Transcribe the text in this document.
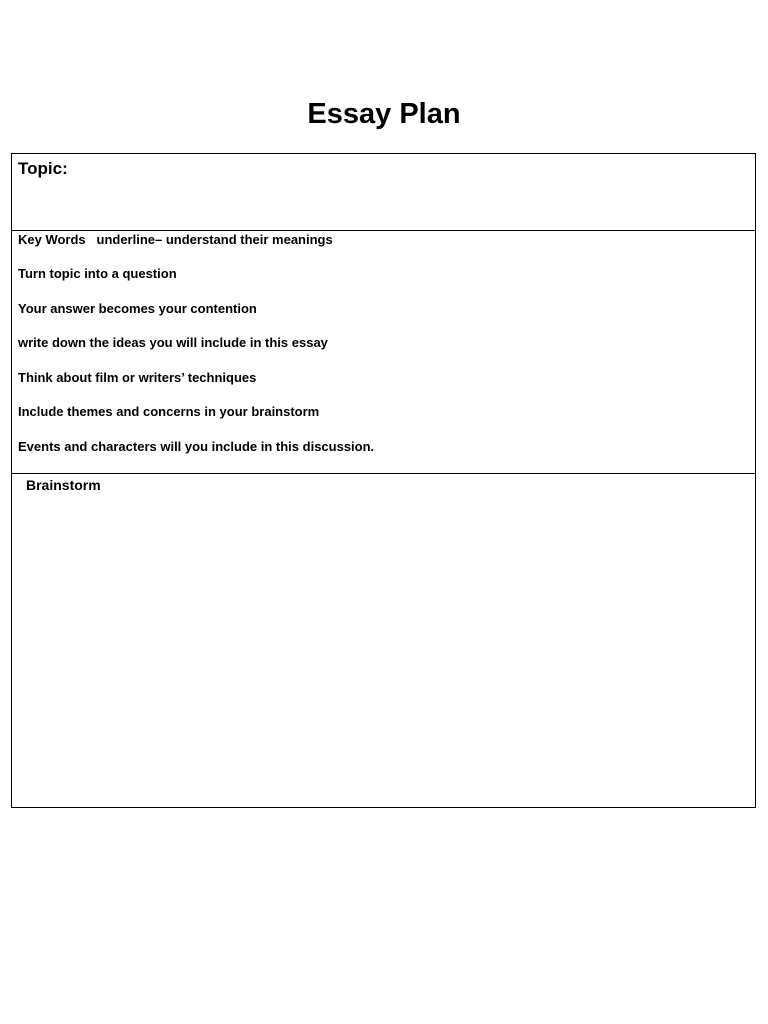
Essay Plan
Topic:
Key Words   underline– understand their meanings
Turn topic into a question
Your answer becomes your contention
write down the ideas you will include in this essay
Think about film or writers’ techniques
Include themes and concerns in your brainstorm
Events and characters will you include in this discussion.
Brainstorm
